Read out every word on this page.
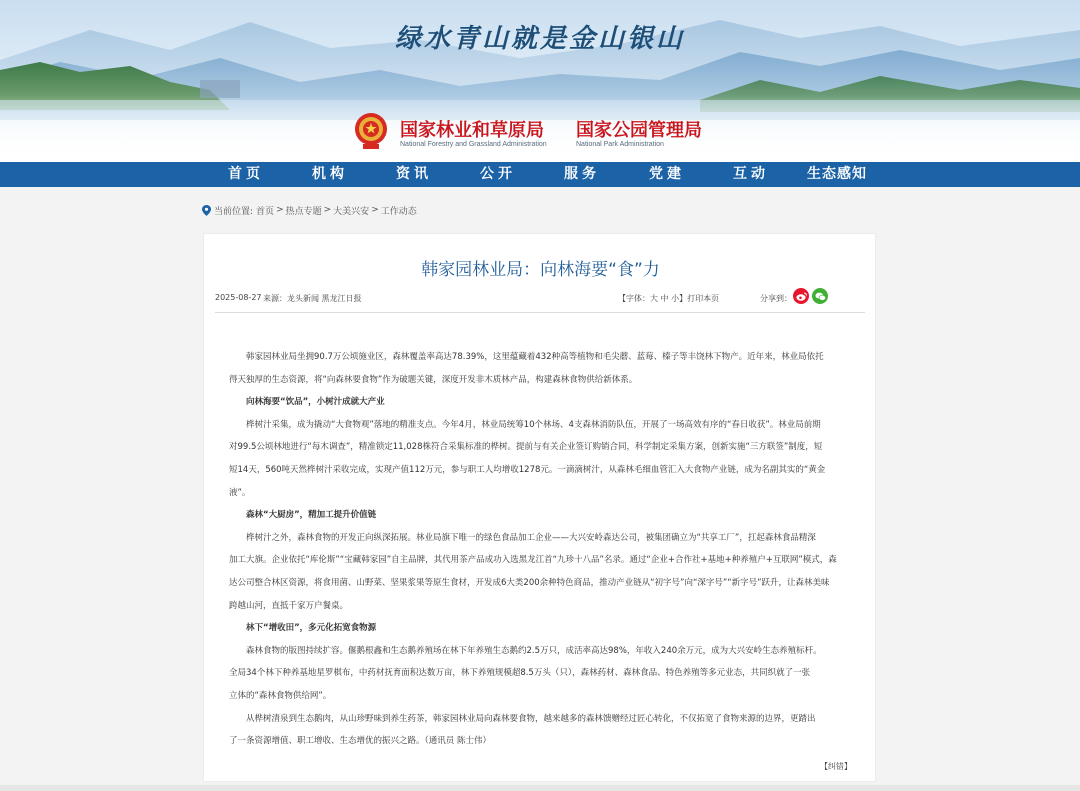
绿水青山就是金山银山
国家林业和草原局
National Forestry and Grassland Administration
国家公园管理局
National Park Administration
首页	机构	资讯	公开	服务	党建	互动	生态感知
当前位置: 首页 > 热点专题 > 大美兴安 > 工作动态
韩家园林业局：向林海要“食”力
2025-08-27 来源：龙头新闻 黑龙江日报	【字体：大 中 小】打印本页	分享到：

韩家园林业局坐拥90.7万公顷施业区，森林覆盖率高达78.39%，这里蕴藏着432种高等植物和毛尖蘑、蓝莓、榛子等丰饶林下物产。近年来，林业局依托

得天独厚的生态资源，将“向森林要食物”作为破题关键，深度开发非木质林产品，构建森林食物供给新体系。

向林海要“饮品”，小树汁成就大产业

桦树汁采集，成为撬动“大食物观”落地的精准支点。今年4月，林业局统筹10个林场、4支森林消防队伍，开展了一场高效有序的“春日收获”。林业局前期

对99.5公顷林地进行“每木调查”，精准锁定11,028株符合采集标准的桦树。提前与有关企业签订购销合同，科学制定采集方案，创新实施“三方联签”制度，短

短14天，560吨天然桦树汁采收完成，实现产值112万元，参与职工人均增收1278元。一滴滴树汁，从森林毛细血管汇入大食物产业链，成为名副其实的“黄金

液”。

森林“大厨房”，精加工提升价值链

桦树汁之外，森林食物的开发正向纵深拓展。林业局旗下唯一的绿色食品加工企业——大兴安岭森达公司，被集团确立为“共享工厂”，扛起森林食品精深

加工大旗。企业依托“库伦斯”“宝藏韩家园”自主品牌，其代用茶产品成功入选黑龙江首“九珍十八品”名录。通过“企业+合作社+基地+种养殖户+互联网”模式，森

达公司整合林区资源，将食用菌、山野菜、坚果浆果等原生食材，开发成6大类200余种特色商品，推动产业链从“初字号”向“深字号”“新字号”跃升，让森林美味

跨越山河，直抵千家万户餐桌。

林下“增收田”，多元化拓宽食物源

森林食物的版图持续扩容。偃鹅根鑫和生态鹅养殖场在林下年养殖生态鹅约2.5万只，成活率高达98%，年收入240余万元，成为大兴安岭生态养殖标杆。

全局34个林下种养基地星罗棋布，中药材抚育面积达数万亩，林下养殖规模超8.5万头（只），森林药材、森林食品、特色养殖等多元业态，共同织就了一张

立体的“森林食物供给网”。

从桦树清泉到生态鹅肉，从山珍野味到养生药茶，韩家园林业局向森林要食物，越来越多的森林馈赠经过匠心转化，不仅拓宽了食物来源的边界，更踏出

了一条资源增值、职工增收、生态增优的振兴之路。（通讯员 陈士伟）

【纠错】
